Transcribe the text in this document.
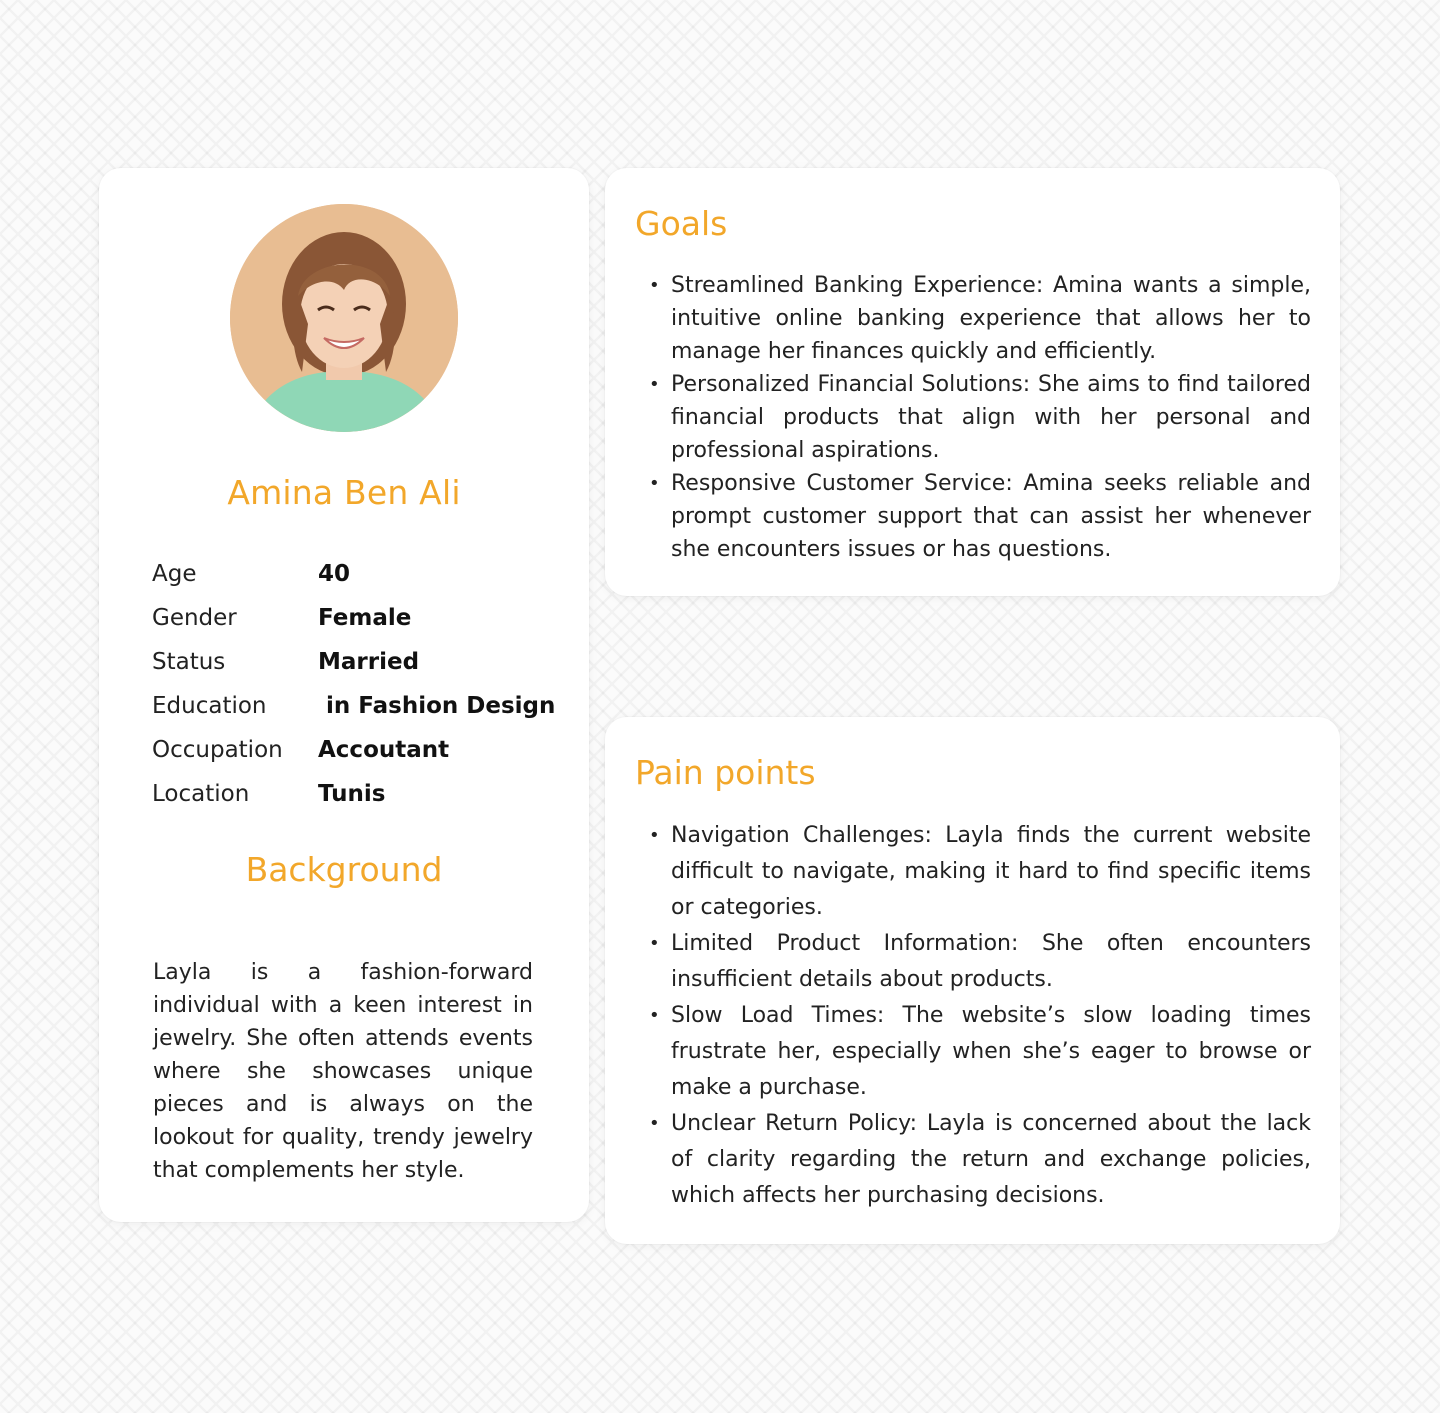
Amina Ben Ali
Age	40
Gender	Female
Status	Married
Education	in Fashion Design
Occupation	Accoutant
Location	Tunis
Background
Layla is a fashion-forward individual with a keen interest in jewelry. She often attends events where she showcases unique pieces and is always on the lookout for quality, trendy jewelry that complements her style.
Goals
• Streamlined Banking Experience: Amina wants a simple, intuitive online banking experience that allows her to manage her finances quickly and efficiently.
• Personalized Financial Solutions: She aims to find tailored financial products that align with her personal and professional aspirations.
• Responsive Customer Service: Amina seeks reliable and prompt customer support that can assist her whenever she encounters issues or has questions.
Pain points
• Navigation Challenges: Layla finds the current website difficult to navigate, making it hard to find specific items or categories.
• Limited Product Information: She often encounters insufficient details about products.
• Slow Load Times: The website’s slow loading times frustrate her, especially when she’s eager to browse or make a purchase.
• Unclear Return Policy: Layla is concerned about the lack of clarity regarding the return and exchange policies, which affects her purchasing decisions.
